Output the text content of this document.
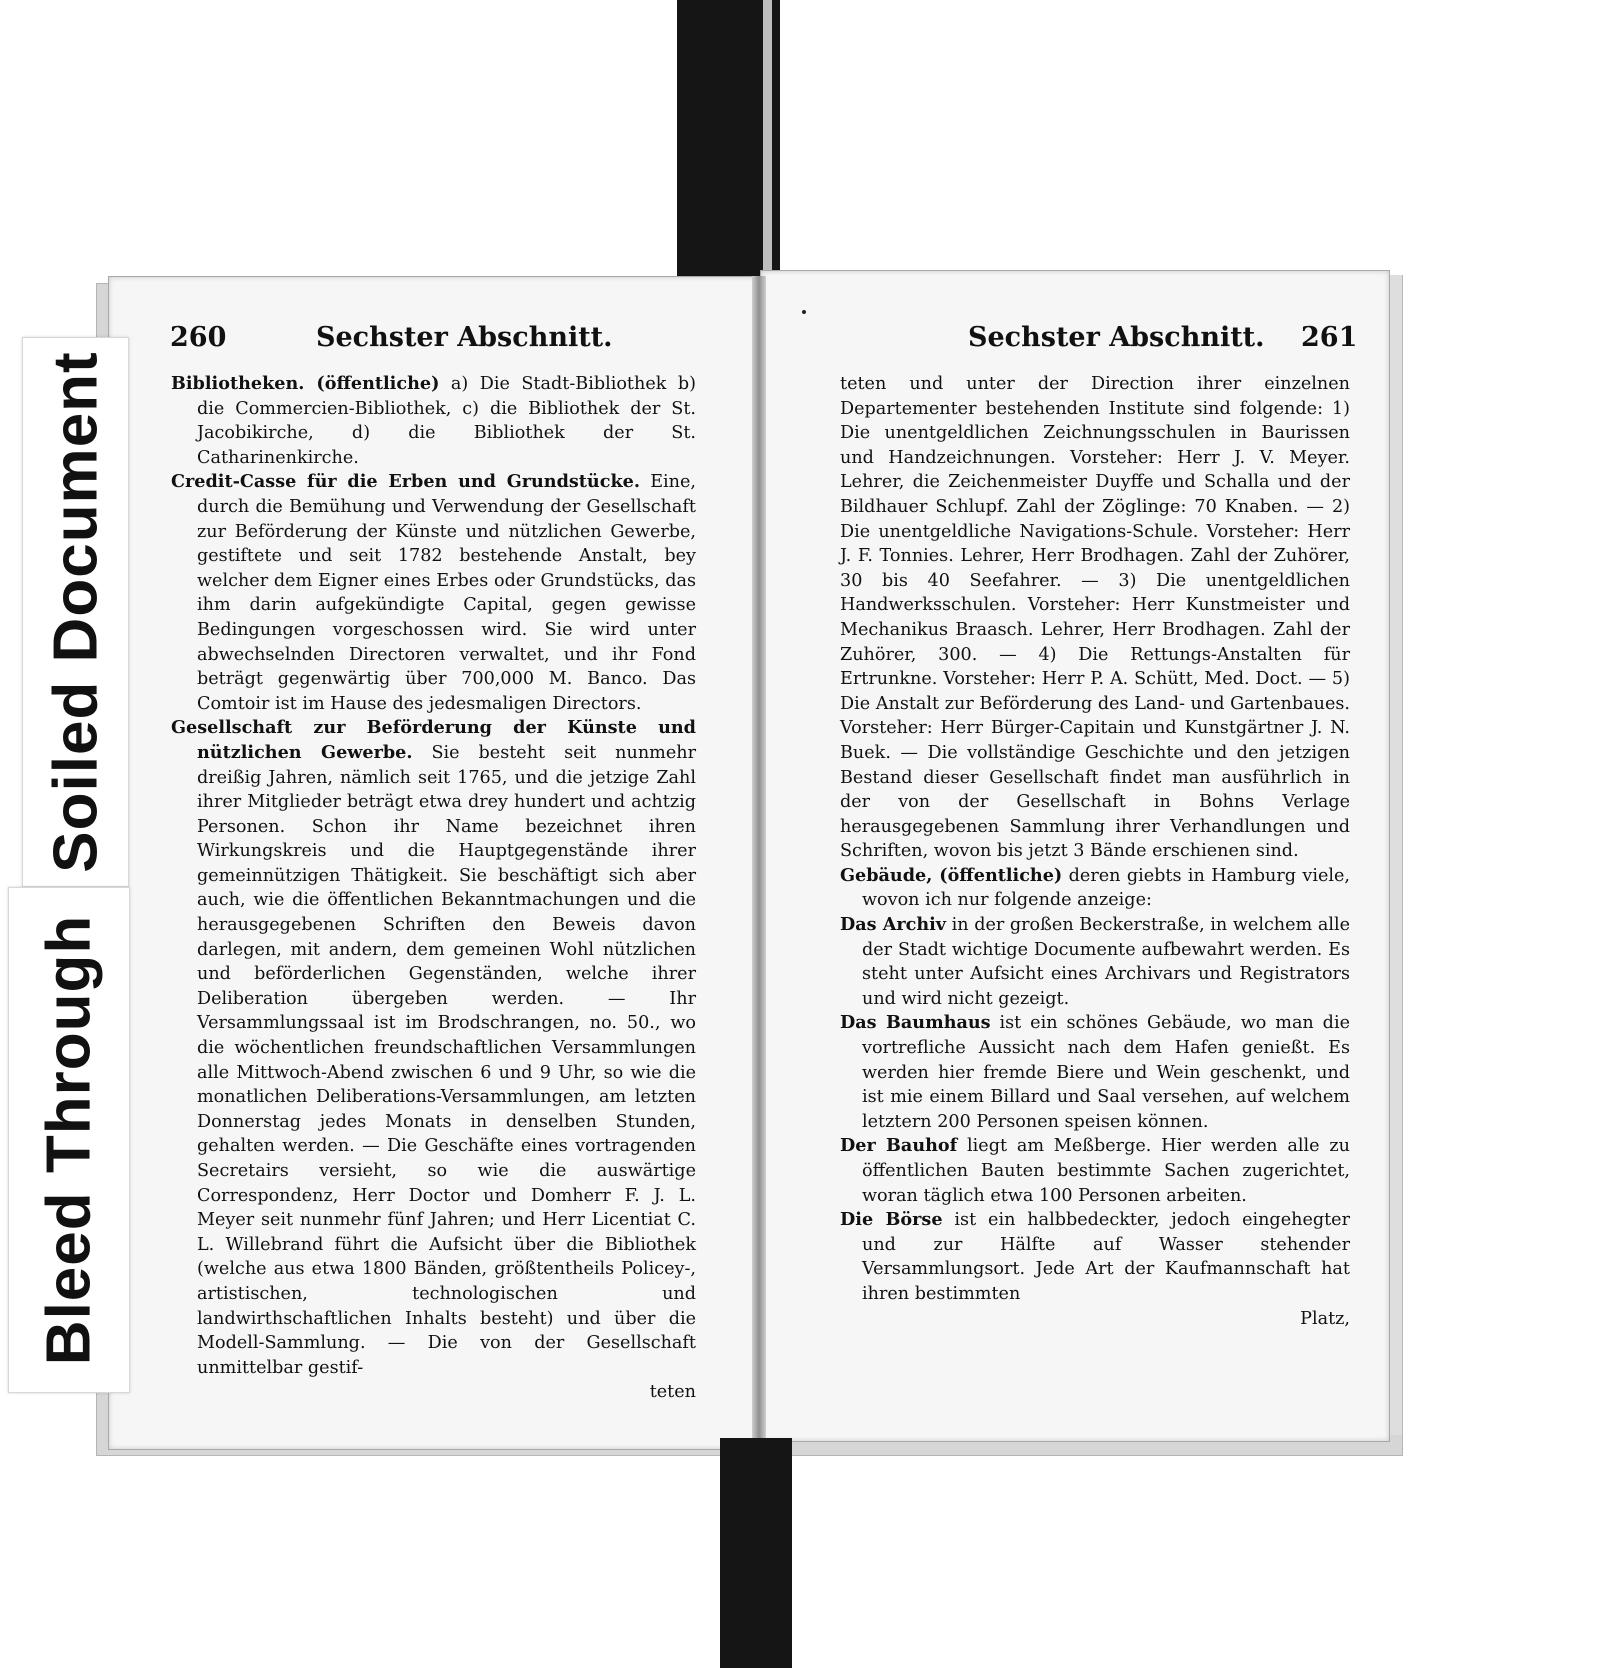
Soiled Document
Bleed Through
260	Sechster Abschnitt.	Sechster Abschnitt. 261

Bibliotheken. (öffentliche) a) Die Stadt-Bibliothek b) die Commercien-Bibliothek, c) die Bibliothek der St. Jacobikirche, d) die Bibliothek der St. Catharinenkirche.

Credit-Casse für die Erben und Grundstücke. Eine, durch die Bemühung und Verwendung der Gesellschaft zur Beförderung der Künste und nützlichen Gewerbe, gestiftete und seit 1782 bestehende Anstalt, bey welcher dem Eigner eines Erbes oder Grundstücks, das ihm darin aufgekündigte Capital, gegen gewisse Bedingungen vorgeschossen wird. Sie wird unter abwechselnden Directoren verwaltet, und ihr Fond beträgt gegenwärtig über 700,000 M. Banco. Das Comtoir ist im Hause des jedesmaligen Directors.

Gesellschaft zur Beförderung der Künste und nützlichen Gewerbe. Sie besteht seit nunmehr dreißig Jahren, nämlich seit 1765, und die jetzige Zahl ihrer Mitglieder beträgt etwa drey hundert und achtzig Personen. Schon ihr Name bezeichnet ihren Wirkungskreis und die Hauptgegenstände ihrer gemeinnützigen Thätigkeit. Sie beschäftigt sich aber auch, wie die öffentlichen Bekanntmachungen und die herausgegebenen Schriften den Beweis davon darlegen, mit andern, dem gemeinen Wohl nützlichen und beförderlichen Gegenständen, welche ihrer Deliberation übergeben werden. — Ihr Versammlungssaal ist im Brodschrangen, no. 50., wo die wöchentlichen freundschaftlichen Versammlungen alle Mittwoch-Abend zwischen 6 und 9 Uhr, so wie die monatlichen Deliberations-Versammlungen, am letzten Donnerstag jedes Monats in denselben Stunden, gehalten werden. — Die Geschäfte eines vortragenden Secretairs versieht, so wie die auswärtige Correspondenz, Herr Doctor und Domherr F. J. L. Meyer seit nunmehr fünf Jahren; und Herr Licentiat C. L. Willebrand führt die Aufsicht über die Bibliothek (welche aus etwa 1800 Bänden, größtentheils Policey-, artistischen, technologischen und landwirthschaftlichen Inhalts besteht) und über die Modell-Sammlung. — Die von der Gesellschaft unmittelbar gestif-

teten

teten und unter der Direction ihrer einzelnen Departementer bestehenden Institute sind folgende: 1) Die unentgeldlichen Zeichnungsschulen in Baurissen und Handzeichnungen. Vorsteher: Herr J. V. Meyer. Lehrer, die Zeichenmeister Duyffe und Schalla und der Bildhauer Schlupf. Zahl der Zöglinge: 70 Knaben. — 2) Die unentgeldliche Navigations-Schule. Vorsteher: Herr J. F. Tonnies. Lehrer, Herr Brodhagen. Zahl der Zuhörer, 30 bis 40 Seefahrer. — 3) Die unentgeldlichen Handwerksschulen. Vorsteher: Herr Kunstmeister und Mechanikus Braasch. Lehrer, Herr Brodhagen. Zahl der Zuhörer, 300. — 4) Die Rettungs-Anstalten für Ertrunkne. Vorsteher: Herr P. A. Schütt, Med. Doct. — 5) Die Anstalt zur Beförderung des Land- und Gartenbaues. Vorsteher: Herr Bürger-Capitain und Kunstgärtner J. N. Buek. — Die vollständige Geschichte und den jetzigen Bestand dieser Gesellschaft findet man ausführlich in der von der Gesellschaft in Bohns Verlage herausgegebenen Sammlung ihrer Verhandlungen und Schriften, wovon bis jetzt 3 Bände erschienen sind.

Gebäude, (öffentliche) deren giebts in Hamburg viele, wovon ich nur folgende anzeige:

Das Archiv in der großen Beckerstraße, in welchem alle der Stadt wichtige Documente aufbewahrt werden. Es steht unter Aufsicht eines Archivars und Registrators und wird nicht gezeigt.

Das Baumhaus ist ein schönes Gebäude, wo man die vortrefliche Aussicht nach dem Hafen genießt. Es werden hier fremde Biere und Wein geschenkt, und ist mie einem Billard und Saal versehen, auf welchem letztern 200 Personen speisen können.

Der Bauhof liegt am Meßberge. Hier werden alle zu öffentlichen Bauten bestimmte Sachen zugerichtet, woran täglich etwa 100 Personen arbeiten.

Die Börse ist ein halbbedeckter, jedoch eingehegter und zur Hälfte auf Wasser stehender Versammlungsort. Jede Art der Kaufmannschaft hat ihren bestimmten

Platz,
